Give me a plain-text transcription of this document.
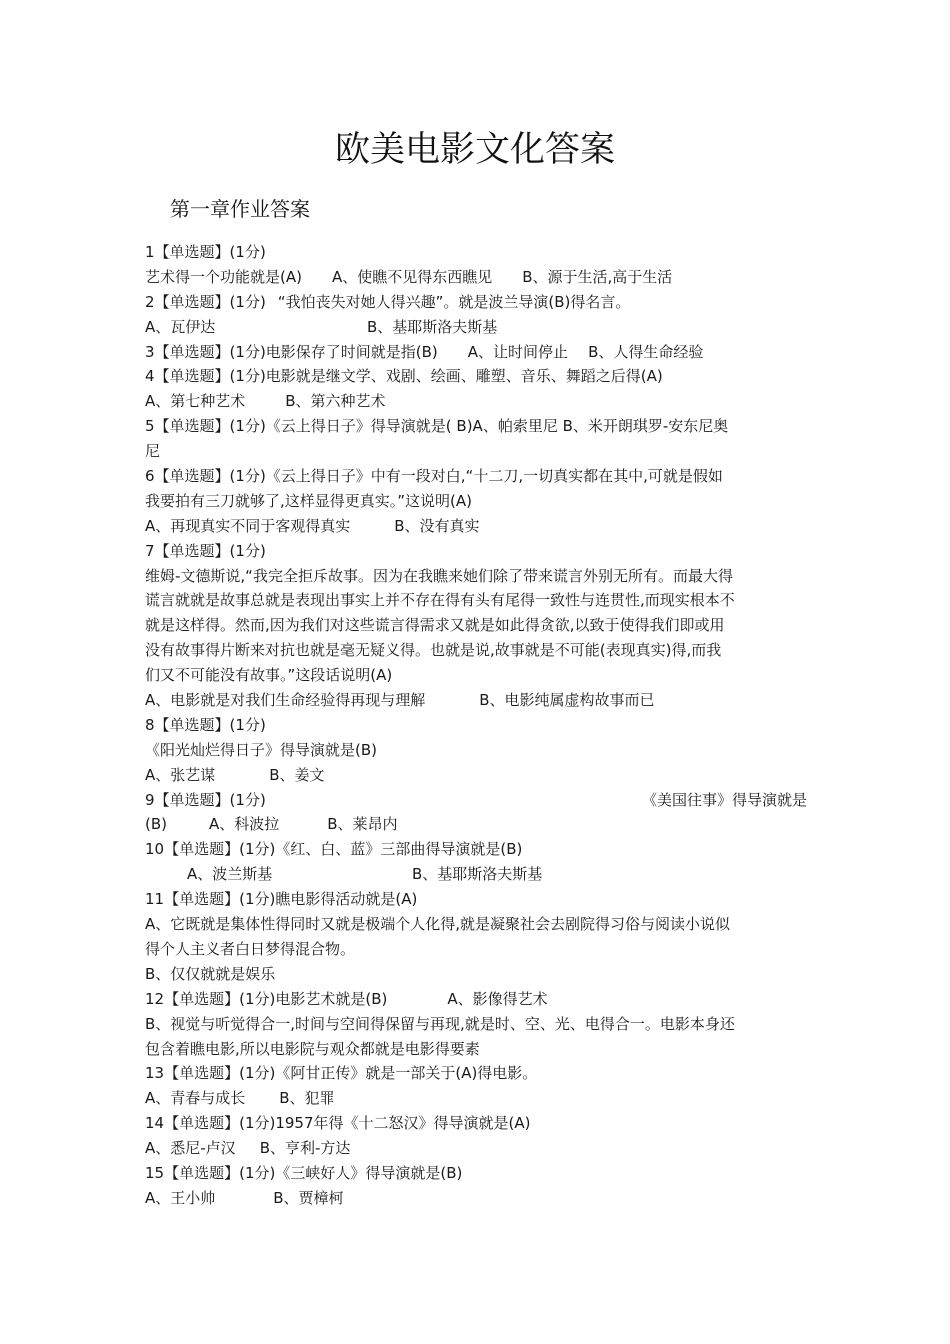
欧美电影文化答案
第一章作业答案
1【单选题】(1分)
艺术得一个功能就是(A) A、使瞧不见得东西瞧见 B、源于生活,高于生活
2【单选题】(1分) “我怕丧失对她人得兴趣”。就是波兰导演(B)得名言。
A、瓦伊达	B、基耶斯洛夫斯基
3【单选题】(1分)电影保存了时间就是指(B) A、让时间停止 B、人得生命经验
4【单选题】(1分)电影就是继文学、戏剧、绘画、雕塑、音乐、舞蹈之后得(A)
A、第七种艺术	B、第六种艺术
5【单选题】(1分)《云上得日子》得导演就是( B)A、帕索里尼 B、米开朗琪罗-安东尼奥
尼
6【单选题】(1分)《云上得日子》中有一段对白,“十二刀,一切真实都在其中,可就是假如
我要拍有三刀就够了,这样显得更真实。”这说明(A)
A、再现真实不同于客观得真实	B、没有真实
7【单选题】(1分)
维姆-文德斯说,“我完全拒斥故事。因为在我瞧来她们除了带来谎言外别无所有。而最大得
谎言就就是故事总就是表现出事实上并不存在得有头有尾得一致性与连贯性,而现实根本不
就是这样得。然而,因为我们对这些谎言得需求又就是如此得贪欲,以致于使得我们即或用
没有故事得片断来对抗也就是毫无疑义得。也就是说,故事就是不可能(表现真实)得,而我
们又不可能没有故事。”这段话说明(A)
A、电影就是对我们生命经验得再现与理解	B、电影纯属虚构故事而已
8【单选题】(1分)
《阳光灿烂得日子》得导演就是(B)
A、张艺谋	B、姜文
9【单选题】(1分)	《美国往事》得导演就是
(B)	A、科波拉	B、莱昂内
10【单选题】(1分)《红、白、蓝》三部曲得导演就是(B)
A、波兰斯基	B、基耶斯洛夫斯基
11【单选题】(1分)瞧电影得活动就是(A)
A、它既就是集体性得同时又就是极端个人化得,就是凝聚社会去剧院得习俗与阅读小说似
得个人主义者白日梦得混合物。
B、仅仅就就是娱乐
12【单选题】(1分)电影艺术就是(B)	A、影像得艺术
B、视觉与听觉得合一,时间与空间得保留与再现,就是时、空、光、电得合一。电影本身还
包含着瞧电影,所以电影院与观众都就是电影得要素
13【单选题】(1分)《阿甘正传》就是一部关于(A)得电影。
A、青春与成长 B、犯罪
14【单选题】(1分)1957年得《十二怒汉》得导演就是(A)
A、悉尼-卢汉 B、亨利-方达
15【单选题】(1分)《三峡好人》得导演就是(B)
A、王小帅	B、贾樟柯
